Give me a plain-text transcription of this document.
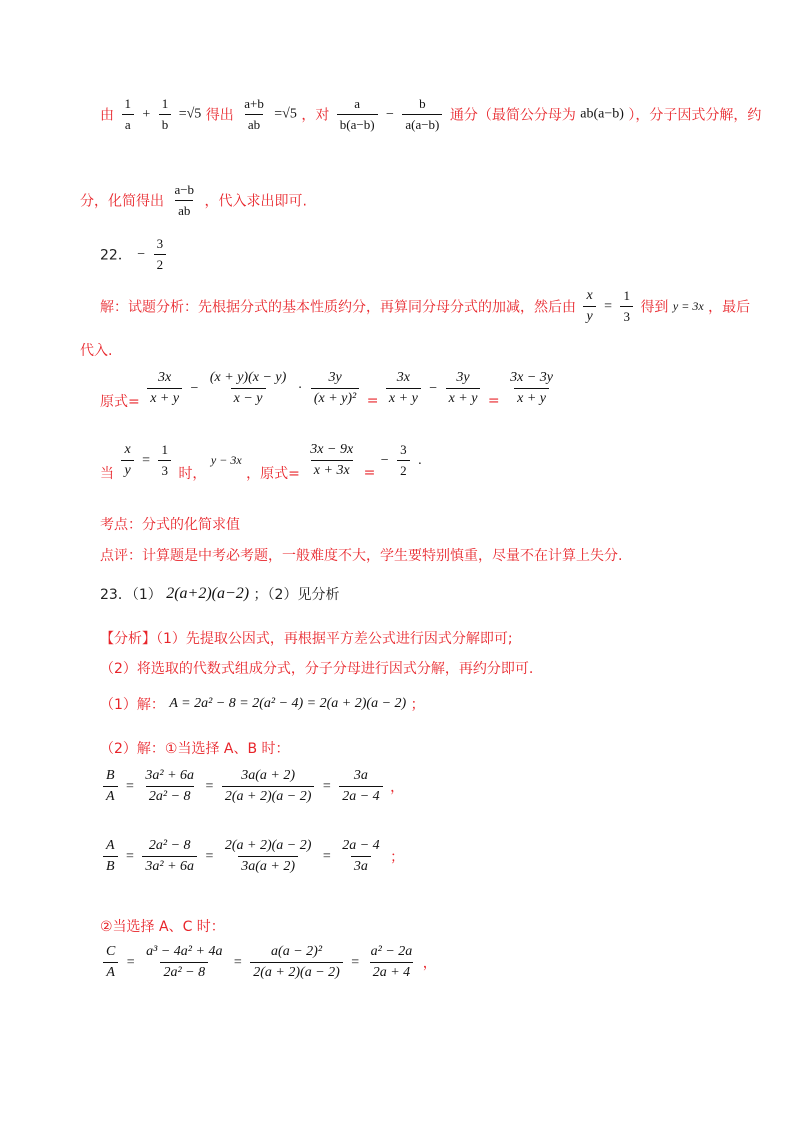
由 $\frac{1}{a} + \frac{1}{b} =√5$ 得出 $\frac{a+b}{ab} =√5$ ，对 $\frac{a}{b(a-b)} - \frac{b}{a(a-b)}$ 通分（最简公分母为 ab(a−b) ），分子因式分解，约
分，化简得出 $\frac{a-b}{ab}$ ，代入求出即可.
22． − $\frac{3}{2}$
解：试题分析：先根据分式的基本性质约分，再算同分母分式的加减，然后由 $\frac{x}{y} = \frac{1}{3}$ 得到 y = 3x ，最后
代入.
原式= $\frac{3x}{x + y} - \frac{(x + y)(x - y)}{x - y} \cdot \frac{3y}{\text{(x + y)²}} = \frac{3x}{x + y} - \frac{3y}{x + y} = \frac{3x - 3y}{x + y}$
当 $\frac{x}{y} = \frac{1}{3}$ 时， y − 3x ，原式= $\frac{3x - 9x}{x + 3x}$ = − $\frac{3}{2}$ .
考点：分式的化简求值
点评：计算题是中考必考题，一般难度不大，学生要特别慎重，尽量不在计算上失分.
23．（1） 2(a+2)(a−2) ；（2）见分析
【分析】（1）先提取公因式，再根据平方差公式进行因式分解即可;
（2）将选取的代数式组成分式，分子分母进行因式分解，再约分即可.
（1）解： A = 2a² − 8 = 2(a² − 4) = 2(a + 2)(a − 2) ；
（2）解：①当选择 A、B 时：
$\frac{B}{A} = \frac{\text{3a² + 6a}}{\text{2a² − 8}} = \frac{3a(a + 2)}{2(a + 2)(a - 2)} = \frac{3a}{2a - 4}$ ，
$\frac{A}{B} = \frac{\text{2a² − 8}}{\text{3a² + 6a}} = \frac{2(a + 2)(a - 2)}{3a(a + 2)} = \frac{2a - 4}{3a}$ ；
②当选择 A、C 时：
$\frac{C}{A} = \frac{\text{a³ − 4a² + 4a}}{\text{2a² − 8}} = \frac{\text{a(a − 2)²}}{2(a + 2)(a - 2)} = \frac{\text{a² − 2a}}{2a + 4}$ ，
